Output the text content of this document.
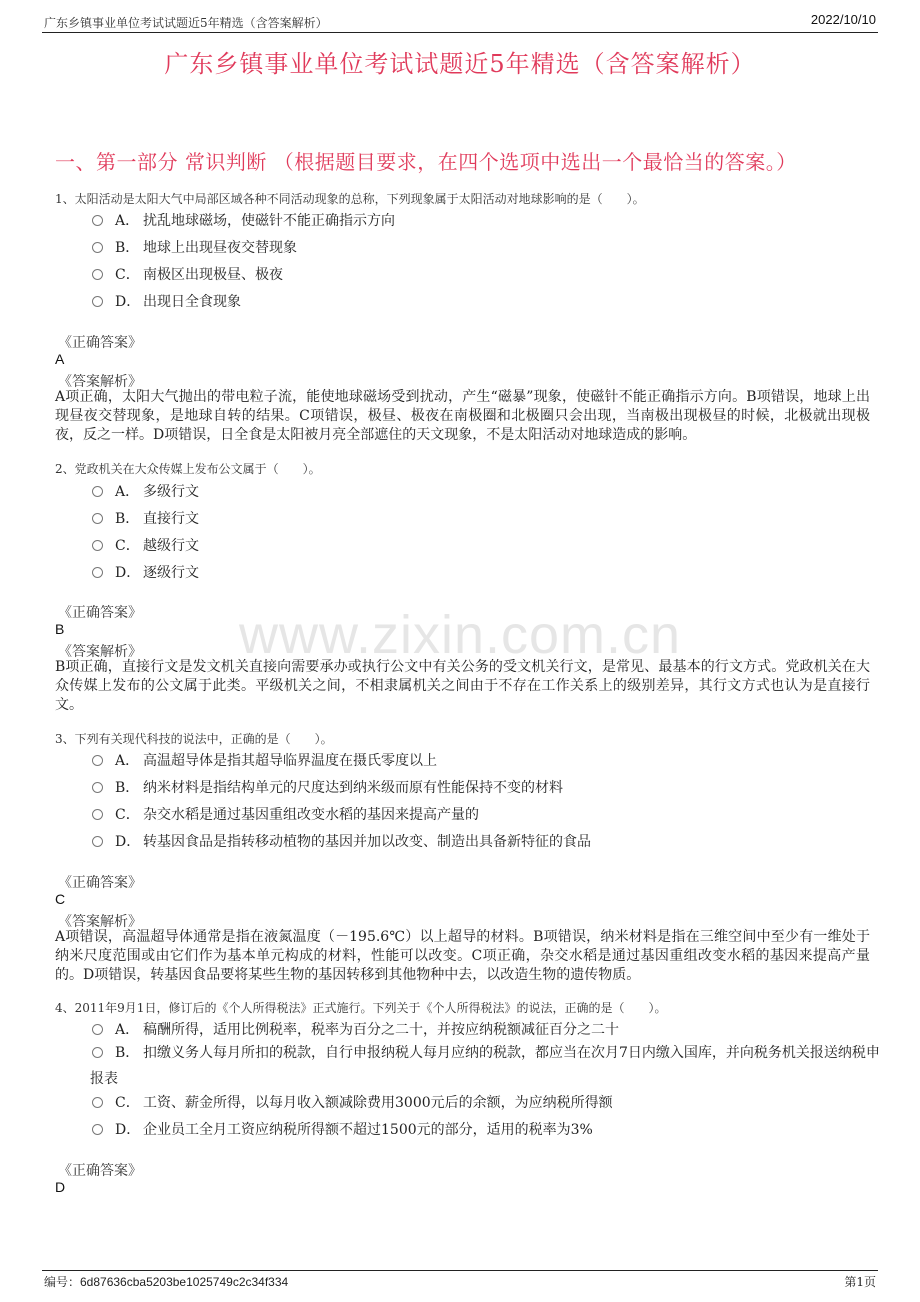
广东乡镇事业单位考试试题近5年精选（含答案解析）	2022/10/10
广东乡镇事业单位考试试题近5年精选（含答案解析）
一、第一部分 常识判断 （根据题目要求，在四个选项中选出一个最恰当的答案。）
www.zixin.com.cn
1、太阳活动是太阳大气中局部区域各种不同活动现象的总称，下列现象属于太阳活动对地球影响的是（　　）。
A． 扰乱地球磁场，使磁针不能正确指示方向
B． 地球上出现昼夜交替现象
C． 南极区出现极昼、极夜
D． 出现日全食现象
《正确答案》
A
《答案解析》
A项正确，太阳大气抛出的带电粒子流，能使地球磁场受到扰动，产生“磁暴”现象，使磁针不能正确指示方向。B项错误，地球上出现昼夜交替现象，是地球自转的结果。C项错误，极昼、极夜在南极圈和北极圈只会出现，当南极出现极昼的时候，北极就出现极夜，反之一样。D项错误，日全食是太阳被月亮全部遮住的天文现象，不是太阳活动对地球造成的影响。
2、党政机关在大众传媒上发布公文属于（　　）。
A． 多级行文
B． 直接行文
C． 越级行文
D． 逐级行文
《正确答案》
B
《答案解析》
B项正确，直接行文是发文机关直接向需要承办或执行公文中有关公务的受文机关行文，是常见、最基本的行文方式。党政机关在大众传媒上发布的公文属于此类。平级机关之间，不相隶属机关之间由于不存在工作关系上的级别差异，其行文方式也认为是直接行文。
3、下列有关现代科技的说法中，正确的是（　　）。
A． 高温超导体是指其超导临界温度在摄氏零度以上
B． 纳米材料是指结构单元的尺度达到纳米级而原有性能保持不变的材料
C． 杂交水稻是通过基因重组改变水稻的基因来提高产量的
D． 转基因食品是指转移动植物的基因并加以改变、制造出具备新特征的食品
《正确答案》
C
《答案解析》
A项错误，高温超导体通常是指在液氮温度（－195.6℃）以上超导的材料。B项错误，纳米材料是指在三维空间中至少有一维处于纳米尺度范围或由它们作为基本单元构成的材料，性能可以改变。C项正确，杂交水稻是通过基因重组改变水稻的基因来提高产量的。D项错误，转基因食品要将某些生物的基因转移到其他物种中去，以改造生物的遗传物质。
4、2011年9月1日，修订后的《个人所得税法》正式施行。下列关于《个人所得税法》的说法，正确的是（　　）。
A． 稿酬所得，适用比例税率，税率为百分之二十，并按应纳税额减征百分之二十
B． 扣缴义务人每月所扣的税款，自行申报纳税人每月应纳的税款，都应当在次月7日内缴入国库，并向税务机关报送纳税申报表
C． 工资、薪金所得，以每月收入额减除费用3000元后的余额，为应纳税所得额
D． 企业员工全月工资应纳税所得额不超过1500元的部分，适用的税率为3%
《正确答案》
D
编号：6d87636cba5203be1025749c2c34f334	第1页
